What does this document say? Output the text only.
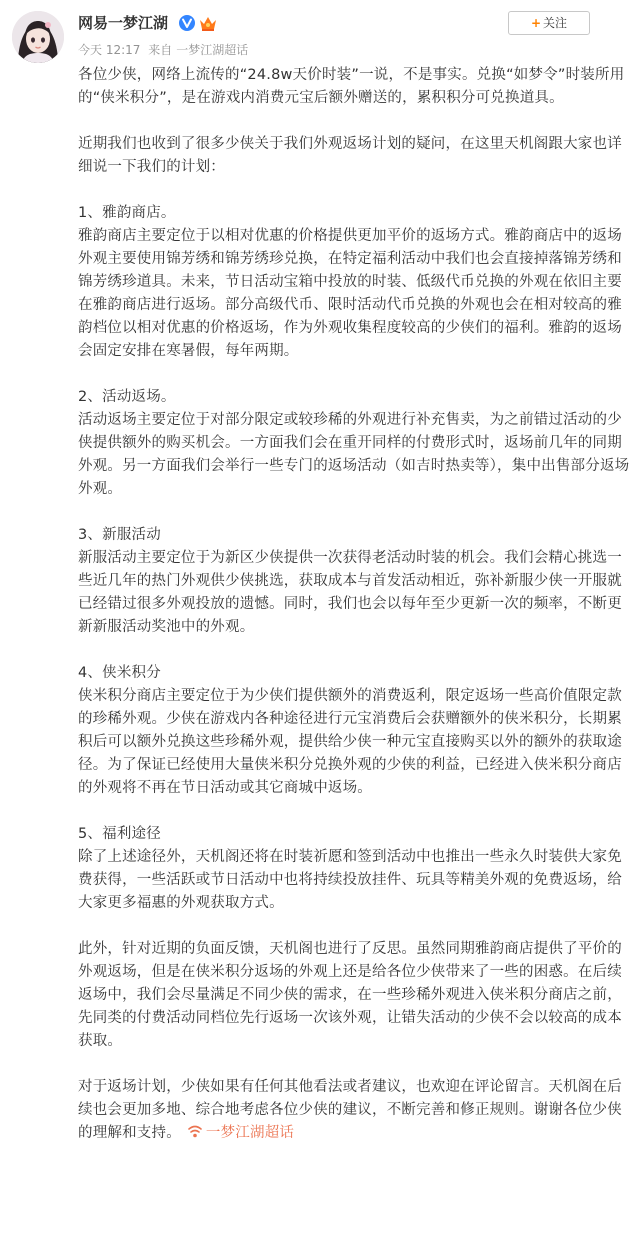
网易一梦江湖
今天 12:17 来自 一梦江湖超话
+ 关注

各位少侠，网络上流传的“24.8w天价时装”一说，不是事实。兑换“如梦令”时装所用的“侠米积分”，是在游戏内消费元宝后额外赠送的，累积积分可兑换道具。

近期我们也收到了很多少侠关于我们外观返场计划的疑问，在这里天机阁跟大家也详细说一下我们的计划：

1、雅韵商店。
雅韵商店主要定位于以相对优惠的价格提供更加平价的返场方式。雅韵商店中的返场外观主要使用锦芳绣和锦芳绣珍兑换，在特定福利活动中我们也会直接掉落锦芳绣和锦芳绣珍道具。未来，节日活动宝箱中投放的时装、低级代币兑换的外观在依旧主要在雅韵商店进行返场。部分高级代币、限时活动代币兑换的外观也会在相对较高的雅韵档位以相对优惠的价格返场，作为外观收集程度较高的少侠们的福利。雅韵的返场会固定安排在寒暑假，每年两期。

2、活动返场。
活动返场主要定位于对部分限定或较珍稀的外观进行补充售卖，为之前错过活动的少侠提供额外的购买机会。一方面我们会在重开同样的付费形式时，返场前几年的同期外观。另一方面我们会举行一些专门的返场活动（如吉时热卖等），集中出售部分返场外观。

3、新服活动
新服活动主要定位于为新区少侠提供一次获得老活动时装的机会。我们会精心挑选一些近几年的热门外观供少侠挑选，获取成本与首发活动相近，弥补新服少侠一开服就已经错过很多外观投放的遗憾。同时，我们也会以每年至少更新一次的频率，不断更新新服活动奖池中的外观。

4、侠米积分
侠米积分商店主要定位于为少侠们提供额外的消费返利，限定返场一些高价值限定款的珍稀外观。少侠在游戏内各种途径进行元宝消费后会获赠额外的侠米积分，长期累积后可以额外兑换这些珍稀外观，提供给少侠一种元宝直接购买以外的额外的获取途径。为了保证已经使用大量侠米积分兑换外观的少侠的利益，已经进入侠米积分商店的外观将不再在节日活动或其它商城中返场。

5、福利途径
除了上述途径外，天机阁还将在时装祈愿和签到活动中也推出一些永久时装供大家免费获得，一些活跃或节日活动中也将持续投放挂件、玩具等精美外观的免费返场，给大家更多福惠的外观获取方式。

此外，针对近期的负面反馈，天机阁也进行了反思。虽然同期雅韵商店提供了平价的外观返场，但是在侠米积分返场的外观上还是给各位少侠带来了一些的困惑。在后续返场中，我们会尽量满足不同少侠的需求，在一些珍稀外观进入侠米积分商店之前，先同类的付费活动同档位先行返场一次该外观，让错失活动的少侠不会以较高的成本获取。

对于返场计划，少侠如果有任何其他看法或者建议，也欢迎在评论留言。天机阁在后续也会更加多地、综合地考虑各位少侠的建议，不断完善和修正规则。谢谢各位少侠的理解和支持。 一梦江湖超话
